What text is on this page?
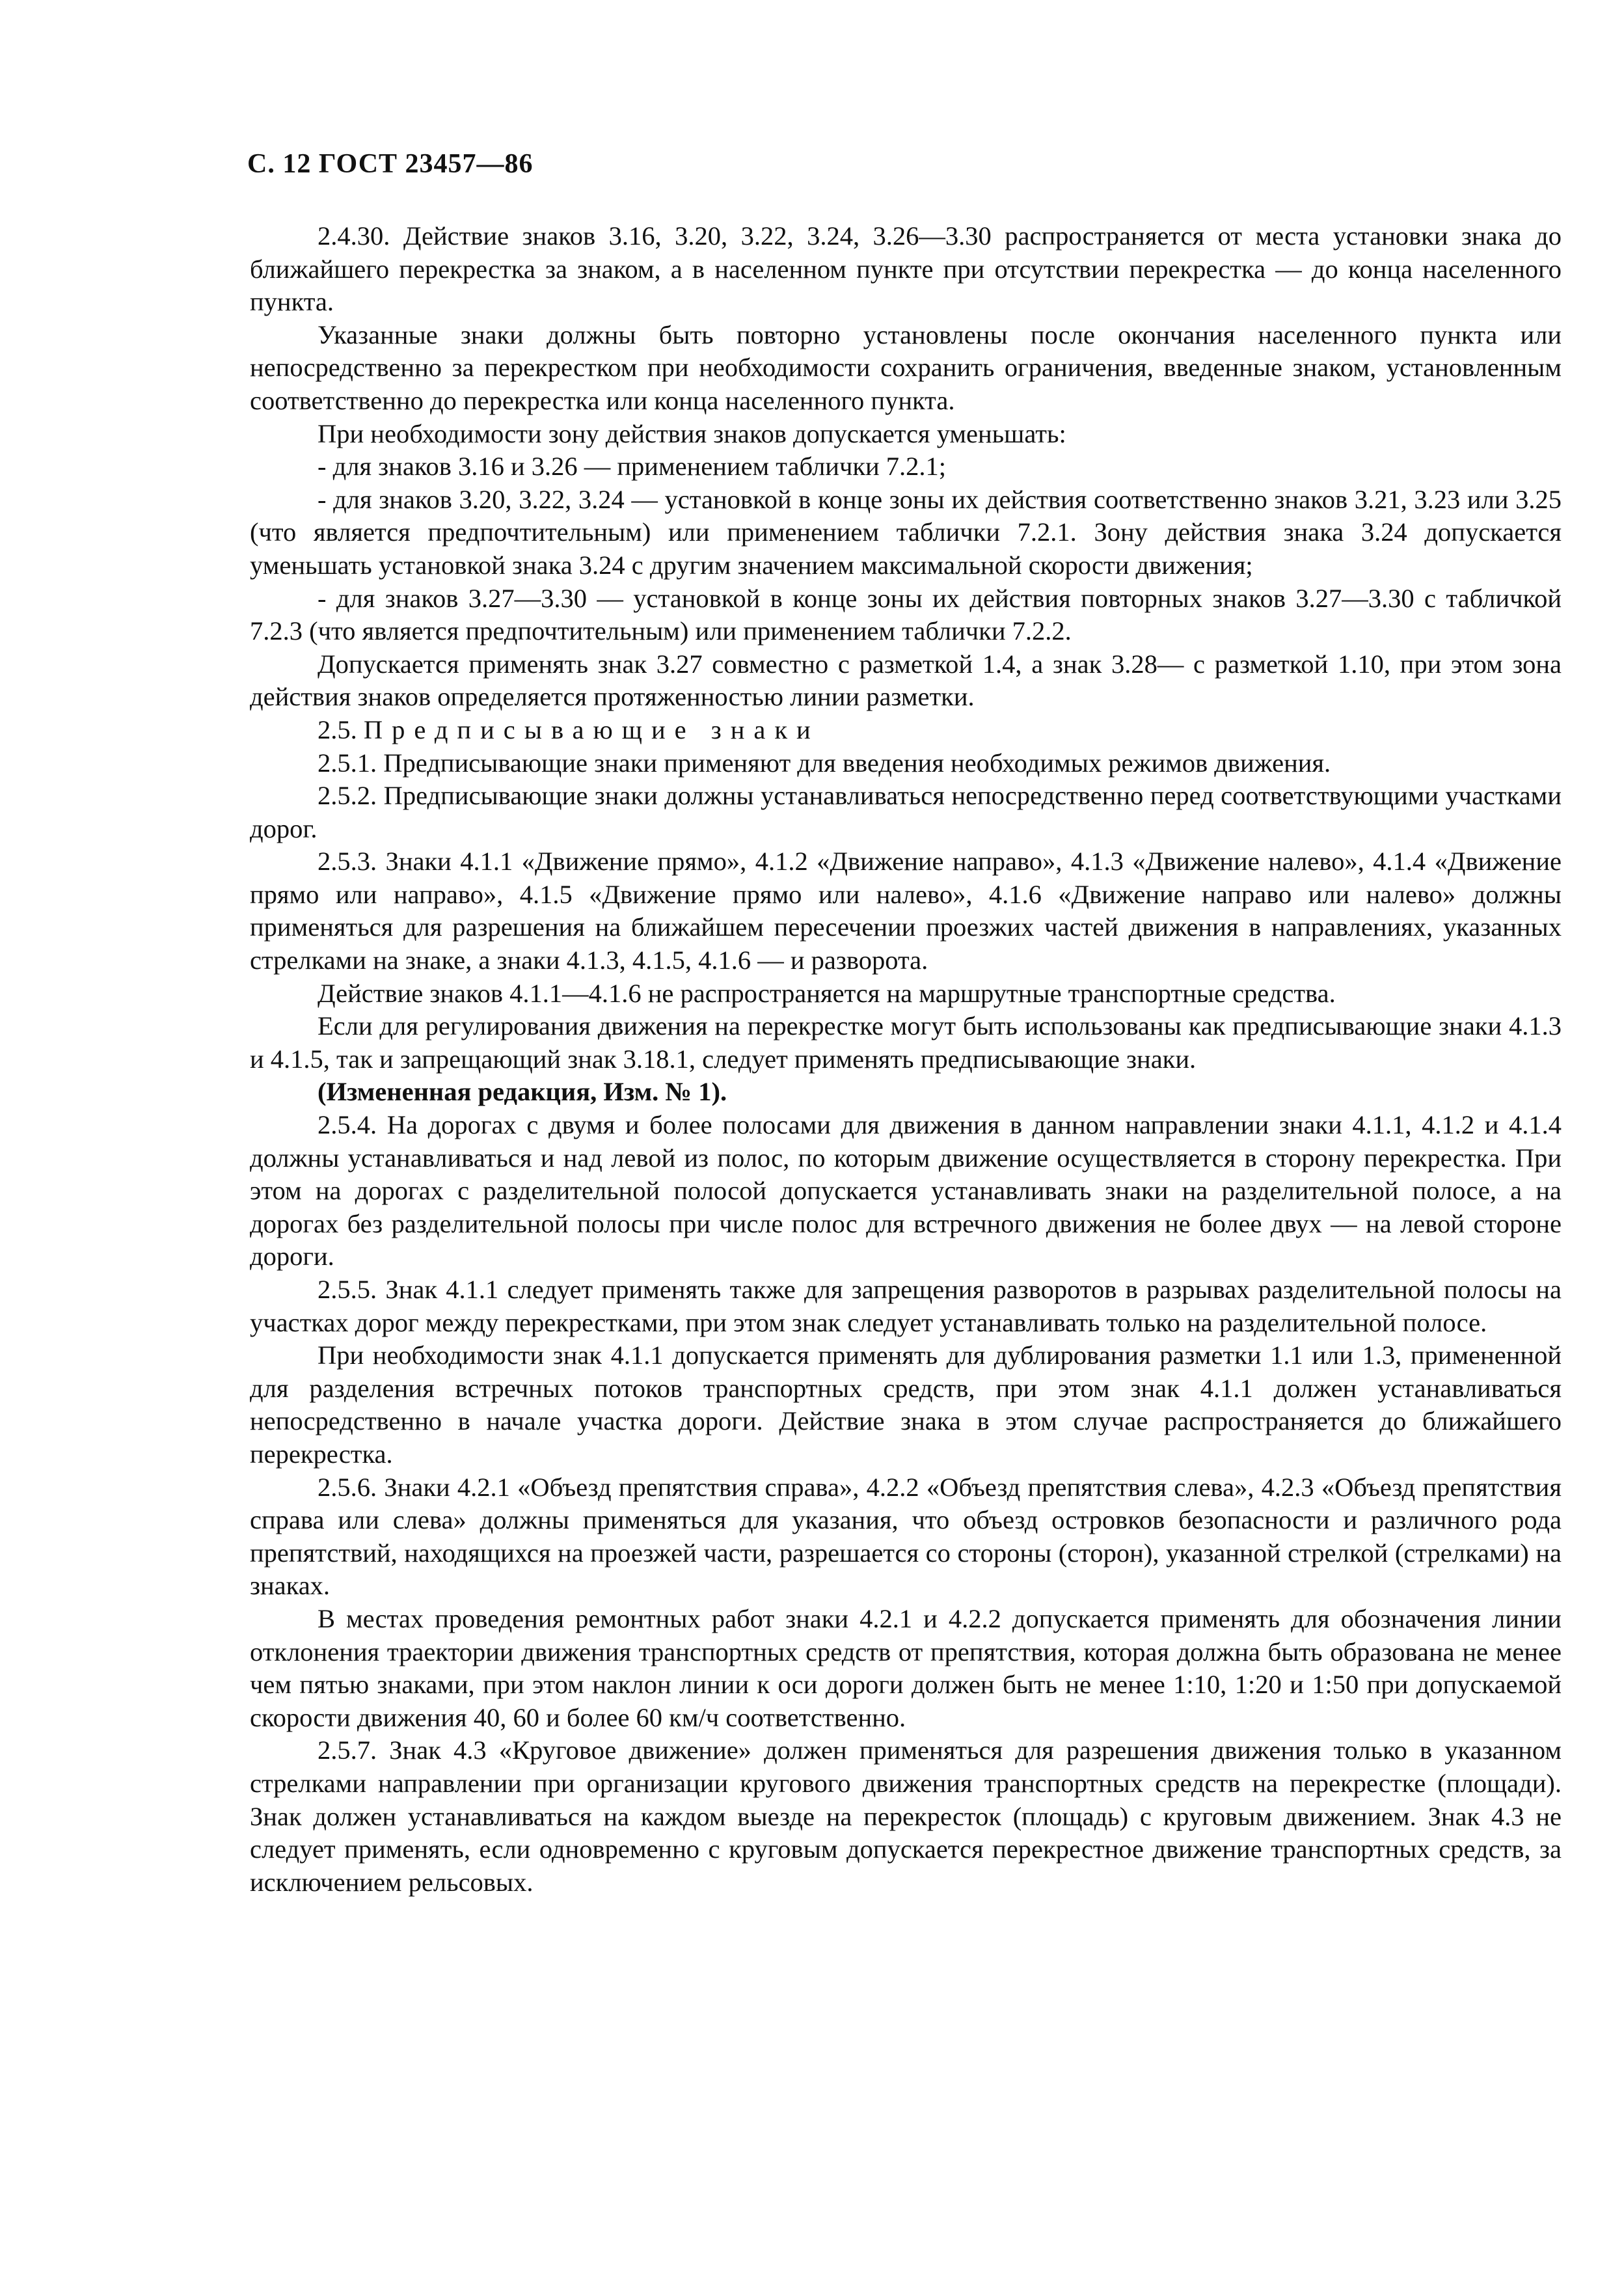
С. 12 ГОСТ 23457—86

2.4.30. Действие знаков 3.16, 3.20, 3.22, 3.24, 3.26—3.30 распространяется от места установки знака до ближайшего перекрестка за знаком, а в населенном пункте при отсутствии перекрестка — до конца населенного пункта.

Указанные знаки должны быть повторно установлены после окончания населенного пункта или непосредственно за перекрестком при необходимости сохранить ограничения, введенные знаком, установленным соответственно до перекрестка или конца населенного пункта.

При необходимости зону действия знаков допускается уменьшать:

- для знаков 3.16 и 3.26 — применением таблички 7.2.1;

- для знаков 3.20, 3.22, 3.24 — установкой в конце зоны их действия соответственно знаков 3.21, 3.23 или 3.25 (что является предпочтительным) или применением таблички 7.2.1. Зону действия знака 3.24 допускается уменьшать установкой знака 3.24 с другим значением максимальной скорости движения;

- для знаков 3.27—3.30 — установкой в конце зоны их действия повторных знаков 3.27—3.30 с табличкой 7.2.3 (что является предпочтительным) или применением таблички 7.2.2.

Допускается применять знак 3.27 совместно с разметкой 1.4, а знак 3.28— с разметкой 1.10, при этом зона действия знаков определяется протяженностью линии разметки.

2.5. Предписывающие знаки

2.5.1. Предписывающие знаки применяют для введения необходимых режимов движения.

2.5.2. Предписывающие знаки должны устанавливаться непосредственно перед соответствующими участками дорог.

2.5.3. Знаки 4.1.1 «Движение прямо», 4.1.2 «Движение направо», 4.1.3 «Движение налево», 4.1.4 «Движение прямо или направо», 4.1.5 «Движение прямо или налево», 4.1.6 «Движение направо или налево» должны применяться для разрешения на ближайшем пересечении проезжих частей движения в направлениях, указанных стрелками на знаке, а знаки 4.1.3, 4.1.5, 4.1.6 — и разворота.

Действие знаков 4.1.1—4.1.6 не распространяется на маршрутные транспортные средства.

Если для регулирования движения на перекрестке могут быть использованы как предписывающие знаки 4.1.3 и 4.1.5, так и запрещающий знак 3.18.1, следует применять предписывающие знаки.

(Измененная редакция, Изм. № 1).

2.5.4. На дорогах с двумя и более полосами для движения в данном направлении знаки 4.1.1, 4.1.2 и 4.1.4 должны устанавливаться и над левой из полос, по которым движение осуществляется в сторону перекрестка. При этом на дорогах с разделительной полосой допускается устанавливать знаки на разделительной полосе, а на дорогах без разделительной полосы при числе полос для встречного движения не более двух — на левой стороне дороги.

2.5.5. Знак 4.1.1 следует применять также для запрещения разворотов в разрывах разделительной полосы на участках дорог между перекрестками, при этом знак следует устанавливать только на разделительной полосе.

При необходимости знак 4.1.1 допускается применять для дублирования разметки 1.1 или 1.3, примененной для разделения встречных потоков транспортных средств, при этом знак 4.1.1 должен устанавливаться непосредственно в начале участка дороги. Действие знака в этом случае распространяется до ближайшего перекрестка.

2.5.6. Знаки 4.2.1 «Объезд препятствия справа», 4.2.2 «Объезд препятствия слева», 4.2.3 «Объезд препятствия справа или слева» должны применяться для указания, что объезд островков безопасности и различного рода препятствий, находящихся на проезжей части, разрешается со стороны (сторон), указанной стрелкой (стрелками) на знаках.

В местах проведения ремонтных работ знаки 4.2.1 и 4.2.2 допускается применять для обозначения линии отклонения траектории движения транспортных средств от препятствия, которая должна быть образована не менее чем пятью знаками, при этом наклон линии к оси дороги должен быть не менее 1:10, 1:20 и 1:50 при допускаемой скорости движения 40, 60 и более 60 км/ч соответственно.

2.5.7. Знак 4.3 «Круговое движение» должен применяться для разрешения движения только в указанном стрелками направлении при организации кругового движения транспортных средств на перекрестке (площади). Знак должен устанавливаться на каждом выезде на перекресток (площадь) с круговым движением. Знак 4.3 не следует применять, если одновременно с круговым допускается перекрестное движение транспортных средств, за исключением рельсовых.
